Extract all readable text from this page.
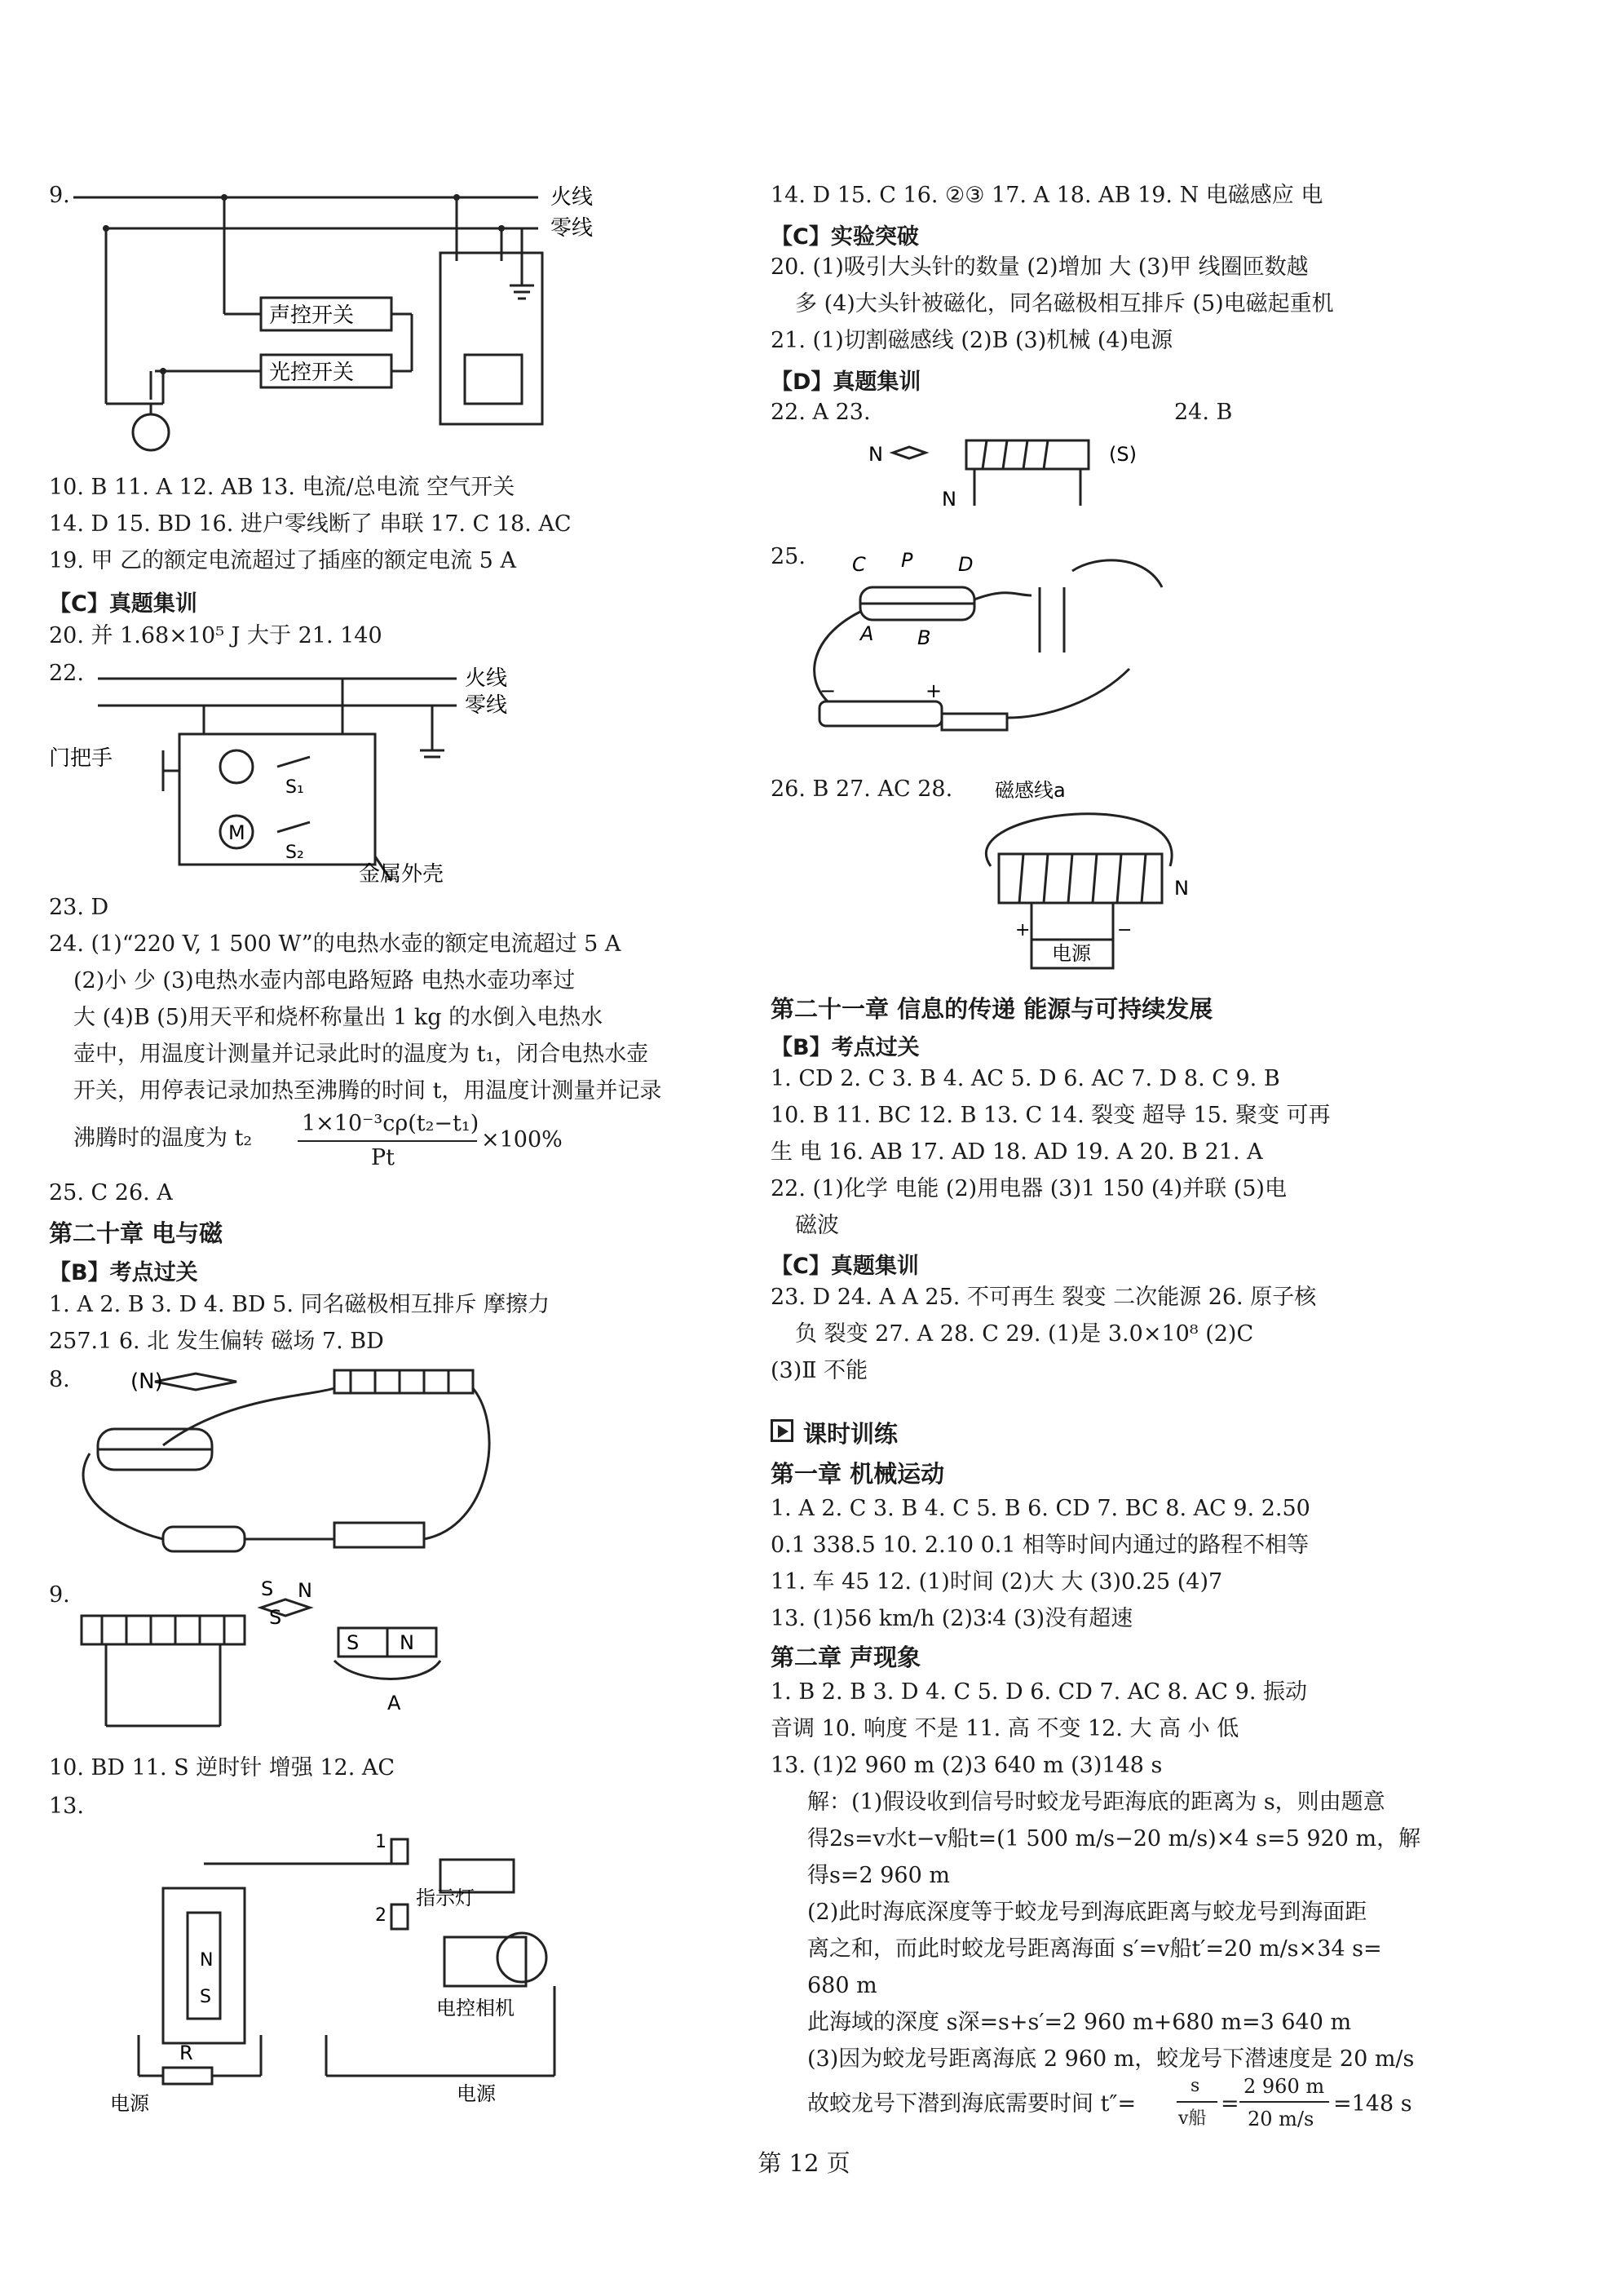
9.	火线
零线
声控开关
光控开关
10. B 11. A 12. AB 13. 电流/总电流 空气开关
14. D 15. BD 16. 进户零线断了 串联 17. C 18. AC
19. 甲 乙的额定电流超过了插座的额定电流 5 A
【C】真题集训
20. 并 1.68×10⁵ J 大于 21. 140
22.
门把手
M
S₁
S₂
火线
零线
金属外壳
23. D
24. (1)“220 V, 1 500 W”的电热水壶的额定电流超过 5 A
(2)小 少 (3)电热水壶内部电路短路 电热水壶功率过
大 (4)B (5)用天平和烧杯称量出 1 kg 的水倒入电热水
壶中，用温度计测量并记录此时的温度为 t₁，闭合电热水壶
开关，用停表记录加热至沸腾的时间 t，用温度计测量并记录
沸腾时的温度为 t₂
1×10⁻³cρ(t₂−t₁)
Pt
×100%
25. C 26. A
第二十章 电与磁
【B】考点过关
1. A 2. B 3. D 4. BD 5. 同名磁极相互排斥 摩擦力
257.1 6. 北 发生偏转 磁场 7. BD
8.	(N)
9.	S N
S N
S
A
10. BD 11. S 逆时针 增强 12. AC
13.
N
S
1
2
指示灯
电控相机
R
电源	电源
14. D 15. C 16. ②③ 17. A 18. AB 19. N 电磁感应 电
【C】实验突破
20. (1)吸引大头针的数量 (2)增加 大 (3)甲 线圈匝数越
多 (4)大头针被磁化，同名磁极相互排斥 (5)电磁起重机
21. (1)切割磁感线 (2)B (3)机械 (4)电源
【D】真题集训
22. A 23.	24. B
N	(S)
N
25. C P D
A B
−	+
26. B 27. AC 28. 磁感线a
N
+	−
电源
第二十一章 信息的传递 能源与可持续发展
【B】考点过关
1. CD 2. C 3. B 4. AC 5. D 6. AC 7. D 8. C 9. B
10. B 11. BC 12. B 13. C 14. 裂变 超导 15. 聚变 可再
生 电 16. AB 17. AD 18. AD 19. A 20. B 21. A
22. (1)化学 电能 (2)用电器 (3)1 150 (4)并联 (5)电
磁波
【C】真题集训
23. D 24. A A 25. 不可再生 裂变 二次能源 26. 原子核
负 裂变 27. A 28. C 29. (1)是 3.0×10⁸ (2)C
(3)Ⅱ 不能
课时训练
第一章 机械运动
1. A 2. C 3. B 4. C 5. B 6. CD 7. BC 8. AC 9. 2.50
0.1 338.5 10. 2.10 0.1 相等时间内通过的路程不相等
11. 车 45 12. (1)时间 (2)大 大 (3)0.25 (4)7
13. (1)56 km/h (2)3∶4 (3)没有超速
第二章 声现象
1. B 2. B 3. D 4. C 5. D 6. CD 7. AC 8. AC 9. 振动
音调 10. 响度 不是 11. 高 不变 12. 大 高 小 低
13. (1)2 960 m (2)3 640 m (3)148 s
解：(1)假设收到信号时蛟龙号距海底的距离为 s，则由题意
得2s=v水t−v船t=(1 500 m/s−20 m/s)×4 s=5 920 m，解
得s=2 960 m
(2)此时海底深度等于蛟龙号到海底距离与蛟龙号到海面距
离之和，而此时蛟龙号距离海面 s′=v船t′=20 m/s×34 s=
680 m
此海域的深度 s深=s+s′=2 960 m+680 m=3 640 m
(3)因为蛟龙号距离海底 2 960 m，蛟龙号下潜速度是 20 m/s
故蛟龙号下潜到海底需要时间 t″=
s
v船
=
2 960 m
20 m/s
=148 s
第 12 页
